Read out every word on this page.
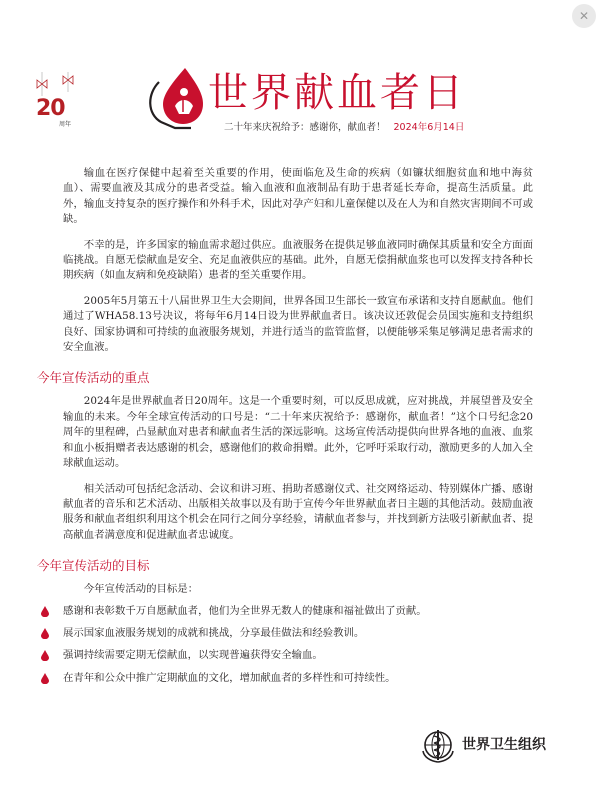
✕
20
周年
世界献血者日
二十年来庆祝给予：感谢你，献血者！ 2024年6月14日

输血在医疗保健中起着至关重要的作用，使面临危及生命的疾病（如镰状细胞贫血和地中海贫血）、需要血液及其成分的患者受益。输入血液和血液制品有助于患者延长寿命，提高生活质量。此外，输血支持复杂的医疗操作和外科手术，因此对孕产妇和儿童保健以及在人为和自然灾害期间不可或缺。

不幸的是，许多国家的输血需求超过供应。血液服务在提供足够血液同时确保其质量和安全方面面临挑战。自愿无偿献血是安全、充足血液供应的基础。此外，自愿无偿捐献血浆也可以发挥支持各种长期疾病（如血友病和免疫缺陷）患者的至关重要作用。

2005年5月第五十八届世界卫生大会期间，世界各国卫生部长一致宣布承诺和支持自愿献血。他们通过了WHA58.13号决议，将每年6月14日设为世界献血者日。该决议还敦促会员国实施和支持组织良好、国家协调和可持续的血液服务规划，并进行适当的监管监督，以便能够采集足够满足患者需求的安全血液。

今年宣传活动的重点

2024年是世界献血者日20周年。这是一个重要时刻，可以反思成就，应对挑战，并展望普及安全输血的未来。今年全球宣传活动的口号是：“二十年来庆祝给予：感谢你，献血者！”这个口号纪念20周年的里程碑，凸显献血对患者和献血者生活的深远影响。这场宣传活动提供向世界各地的血液、血浆和血小板捐赠者表达感谢的机会，感谢他们的救命捐赠。此外，它呼吁采取行动，激励更多的人加入全球献血运动。

相关活动可包括纪念活动、会议和讲习班、捐助者感谢仪式、社交网络运动、特别媒体广播、感谢献血者的音乐和艺术活动、出版相关故事以及有助于宣传今年世界献血者日主题的其他活动。鼓励血液服务和献血者组织利用这个机会在同行之间分享经验，请献血者参与，并找到新方法吸引新献血者、提高献血者满意度和促进献血者忠诚度。

今年宣传活动的目标

今年宣传活动的目标是：

感谢和表彰数千万自愿献血者，他们为全世界无数人的健康和福祉做出了贡献。
展示国家血液服务规划的成就和挑战，分享最佳做法和经验教训。
强调持续需要定期无偿献血，以实现普遍获得安全输血。
在青年和公众中推广定期献血的文化，增加献血者的多样性和可持续性。
世界卫生组织
